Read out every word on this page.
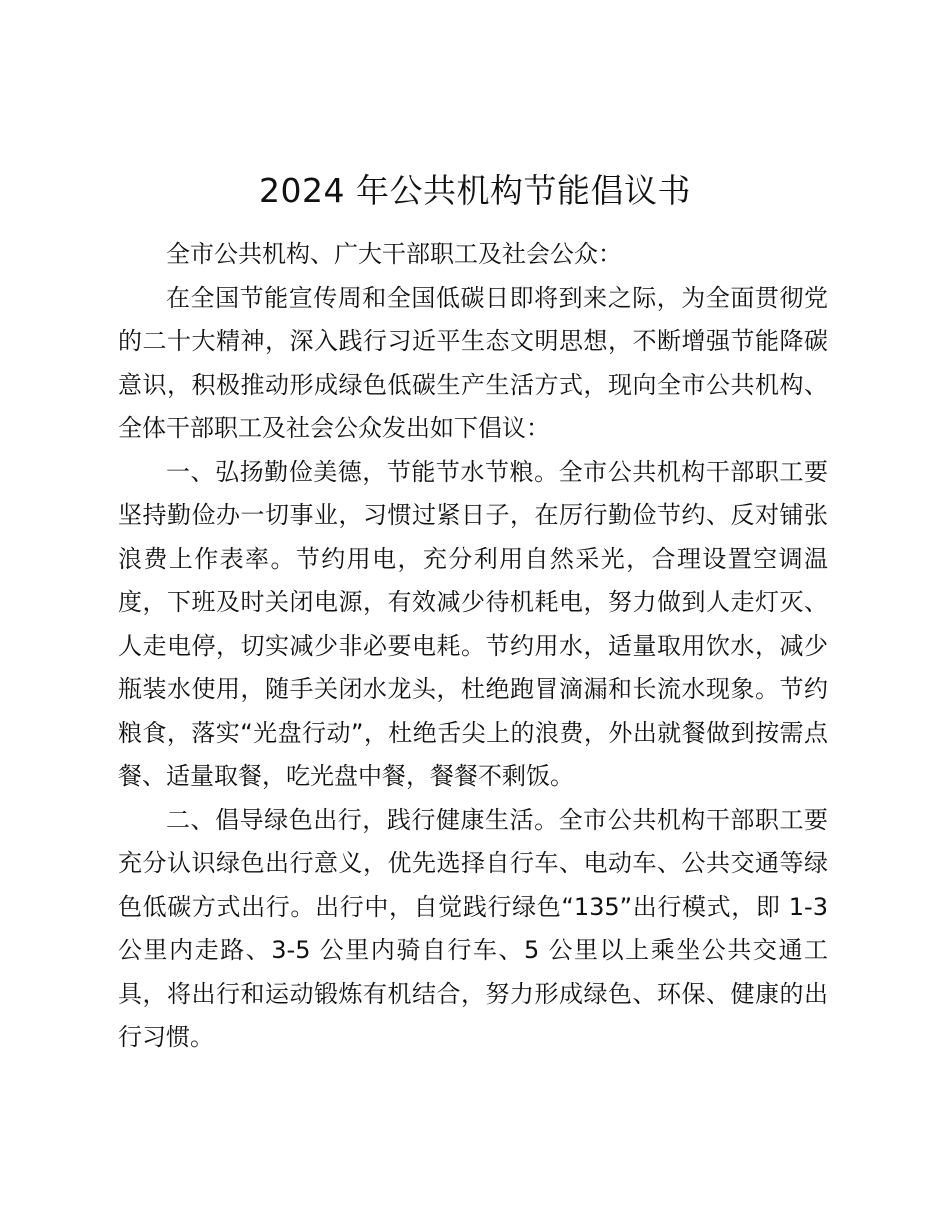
2024 年公共机构节能倡议书

全市公共机构、广大干部职工及社会公众：

在全国节能宣传周和全国低碳日即将到来之际，为全面贯彻党的二十大精神，深入践行习近平生态文明思想，不断增强节能降碳意识，积极推动形成绿色低碳生产生活方式，现向全市公共机构、全体干部职工及社会公众发出如下倡议：

一、弘扬勤俭美德，节能节水节粮。全市公共机构干部职工要坚持勤俭办一切事业，习惯过紧日子，在厉行勤俭节约、反对铺张浪费上作表率。节约用电，充分利用自然采光，合理设置空调温度，下班及时关闭电源，有效减少待机耗电，努力做到人走灯灭、人走电停，切实减少非必要电耗。节约用水，适量取用饮水，减少瓶装水使用，随手关闭水龙头，杜绝跑冒滴漏和长流水现象。节约粮食，落实“光盘行动”，杜绝舌尖上的浪费，外出就餐做到按需点餐、适量取餐，吃光盘中餐，餐餐不剩饭。

二、倡导绿色出行，践行健康生活。全市公共机构干部职工要充分认识绿色出行意义，优先选择自行车、电动车、公共交通等绿色低碳方式出行。出行中，自觉践行绿色“135”出行模式，即 1-3 公里内走路、3-5 公里内骑自行车、5 公里以上乘坐公共交通工具，将出行和运动锻炼有机结合，努力形成绿色、环保、健康的出行习惯。
